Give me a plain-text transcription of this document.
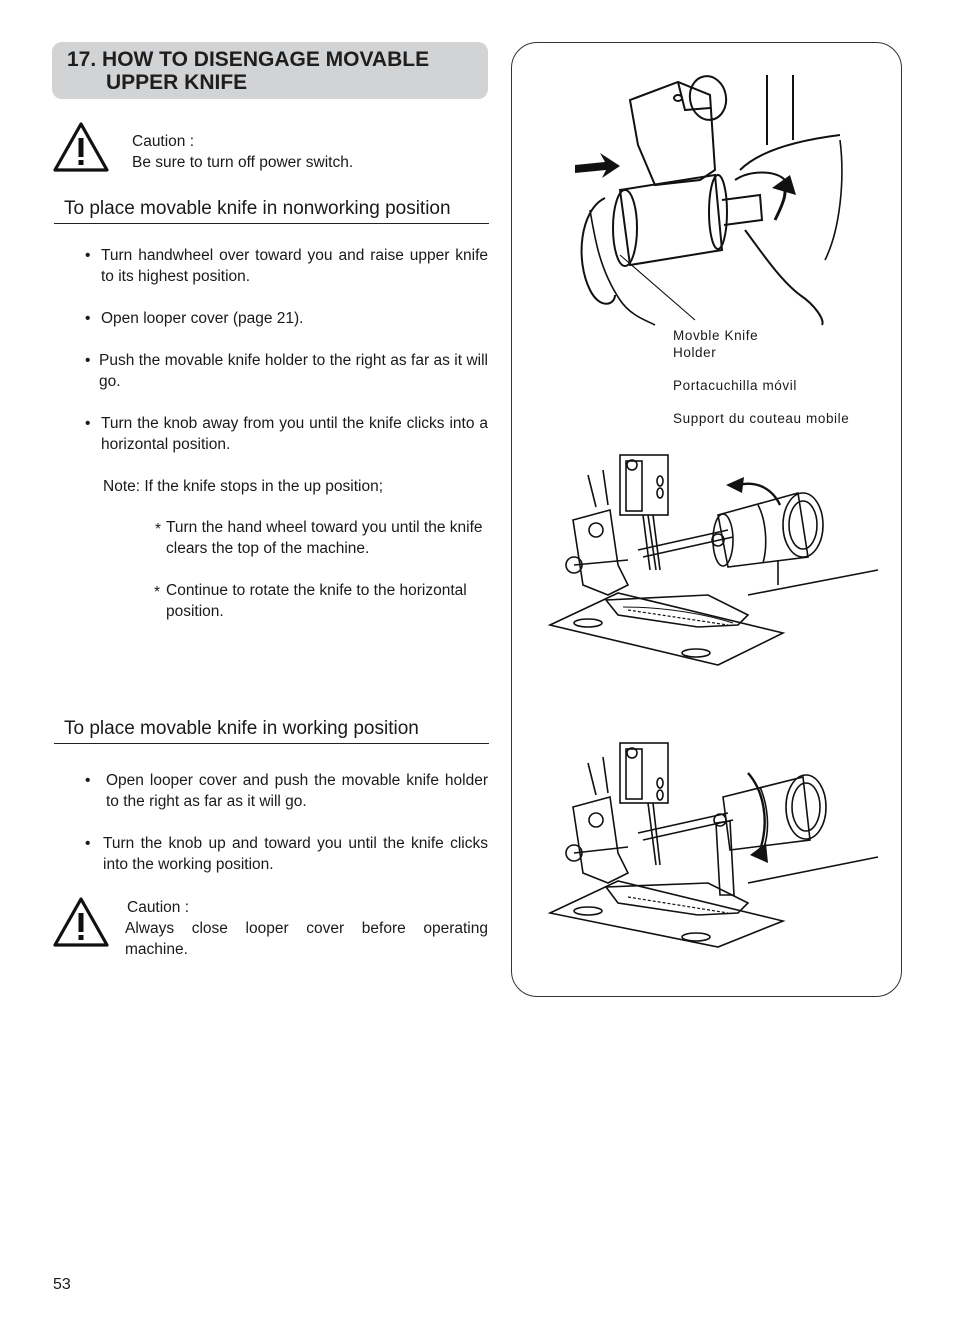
17. HOW TO DISENGAGE MOVABLE
UPPER KNIFE
Caution :
Be sure to turn off power switch.
To place movable knife in nonworking position
• Turn handwheel over toward you and raise upper knife to its highest position.
• Open looper cover (page 21).
• Push the movable knife holder to the right as far as it will go.
• Turn the knob away from you until the knife clicks into a horizontal position.
Note: If the knife stops in the up position;
* Turn the hand wheel toward you until the knife clears the top of the machine.
* Continue to rotate the knife to the horizontal position.
To place movable knife in working position
• Open looper cover and push the movable knife holder to the right as far as it will go.
• Turn the knob up and toward you until the knife clicks into the working position.
Caution :
Always close looper cover before operating machine.
Movble Knife
Holder
Portacuchilla móvil
Support du couteau mobile
53
